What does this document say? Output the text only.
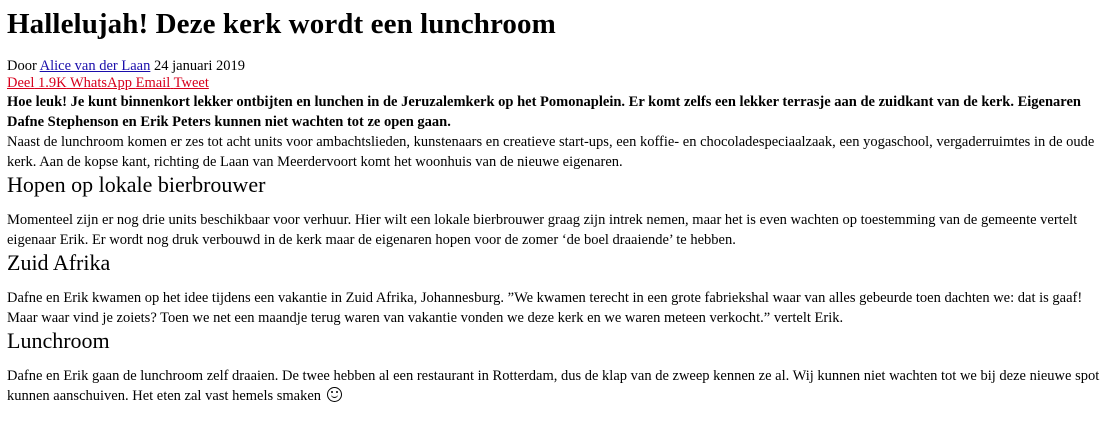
Hallelujah! Deze kerk wordt een lunchroom
Door Alice van der Laan 24 januari 2019
Deel 1.9K WhatsApp Email Tweet

Hoe leuk! Je kunt binnenkort lekker ontbijten en lunchen in de Jeruzalemkerk op het Pomonaplein. Er komt zelfs een lekker terrasje aan de zuidkant van de kerk. Eigenaren Dafne Stephenson en Erik Peters kunnen niet wachten tot ze open gaan.

Naast de lunchroom komen er zes tot acht units voor ambachtslieden, kunstenaars en creatieve start-ups, een koffie- en chocoladespeciaalzaak, een yogaschool, vergaderruimtes in de oude kerk. Aan de kopse kant, richting de Laan van Meerdervoort komt het woonhuis van de nieuwe eigenaren.

Hopen op lokale bierbrouwer

Momenteel zijn er nog drie units beschikbaar voor verhuur. Hier wilt een lokale bierbrouwer graag zijn intrek nemen, maar het is even wachten op toestemming van de gemeente vertelt eigenaar Erik. Er wordt nog druk verbouwd in de kerk maar de eigenaren hopen voor de zomer ‘de boel draaiende’ te hebben.

Zuid Afrika

Dafne en Erik kwamen op het idee tijdens een vakantie in Zuid Afrika, Johannesburg. ”We kwamen terecht in een grote fabriekshal waar van alles gebeurde toen dachten we: dat is gaaf! Maar waar vind je zoiets? Toen we net een maandje terug waren van vakantie vonden we deze kerk en we waren meteen verkocht.” vertelt Erik.

Lunchroom

Dafne en Erik gaan de lunchroom zelf draaien. De twee hebben al een restaurant in Rotterdam, dus de klap van de zweep kennen ze al. Wij kunnen niet wachten tot we bij deze nieuwe spot kunnen aanschuiven. Het eten zal vast hemels smaken
